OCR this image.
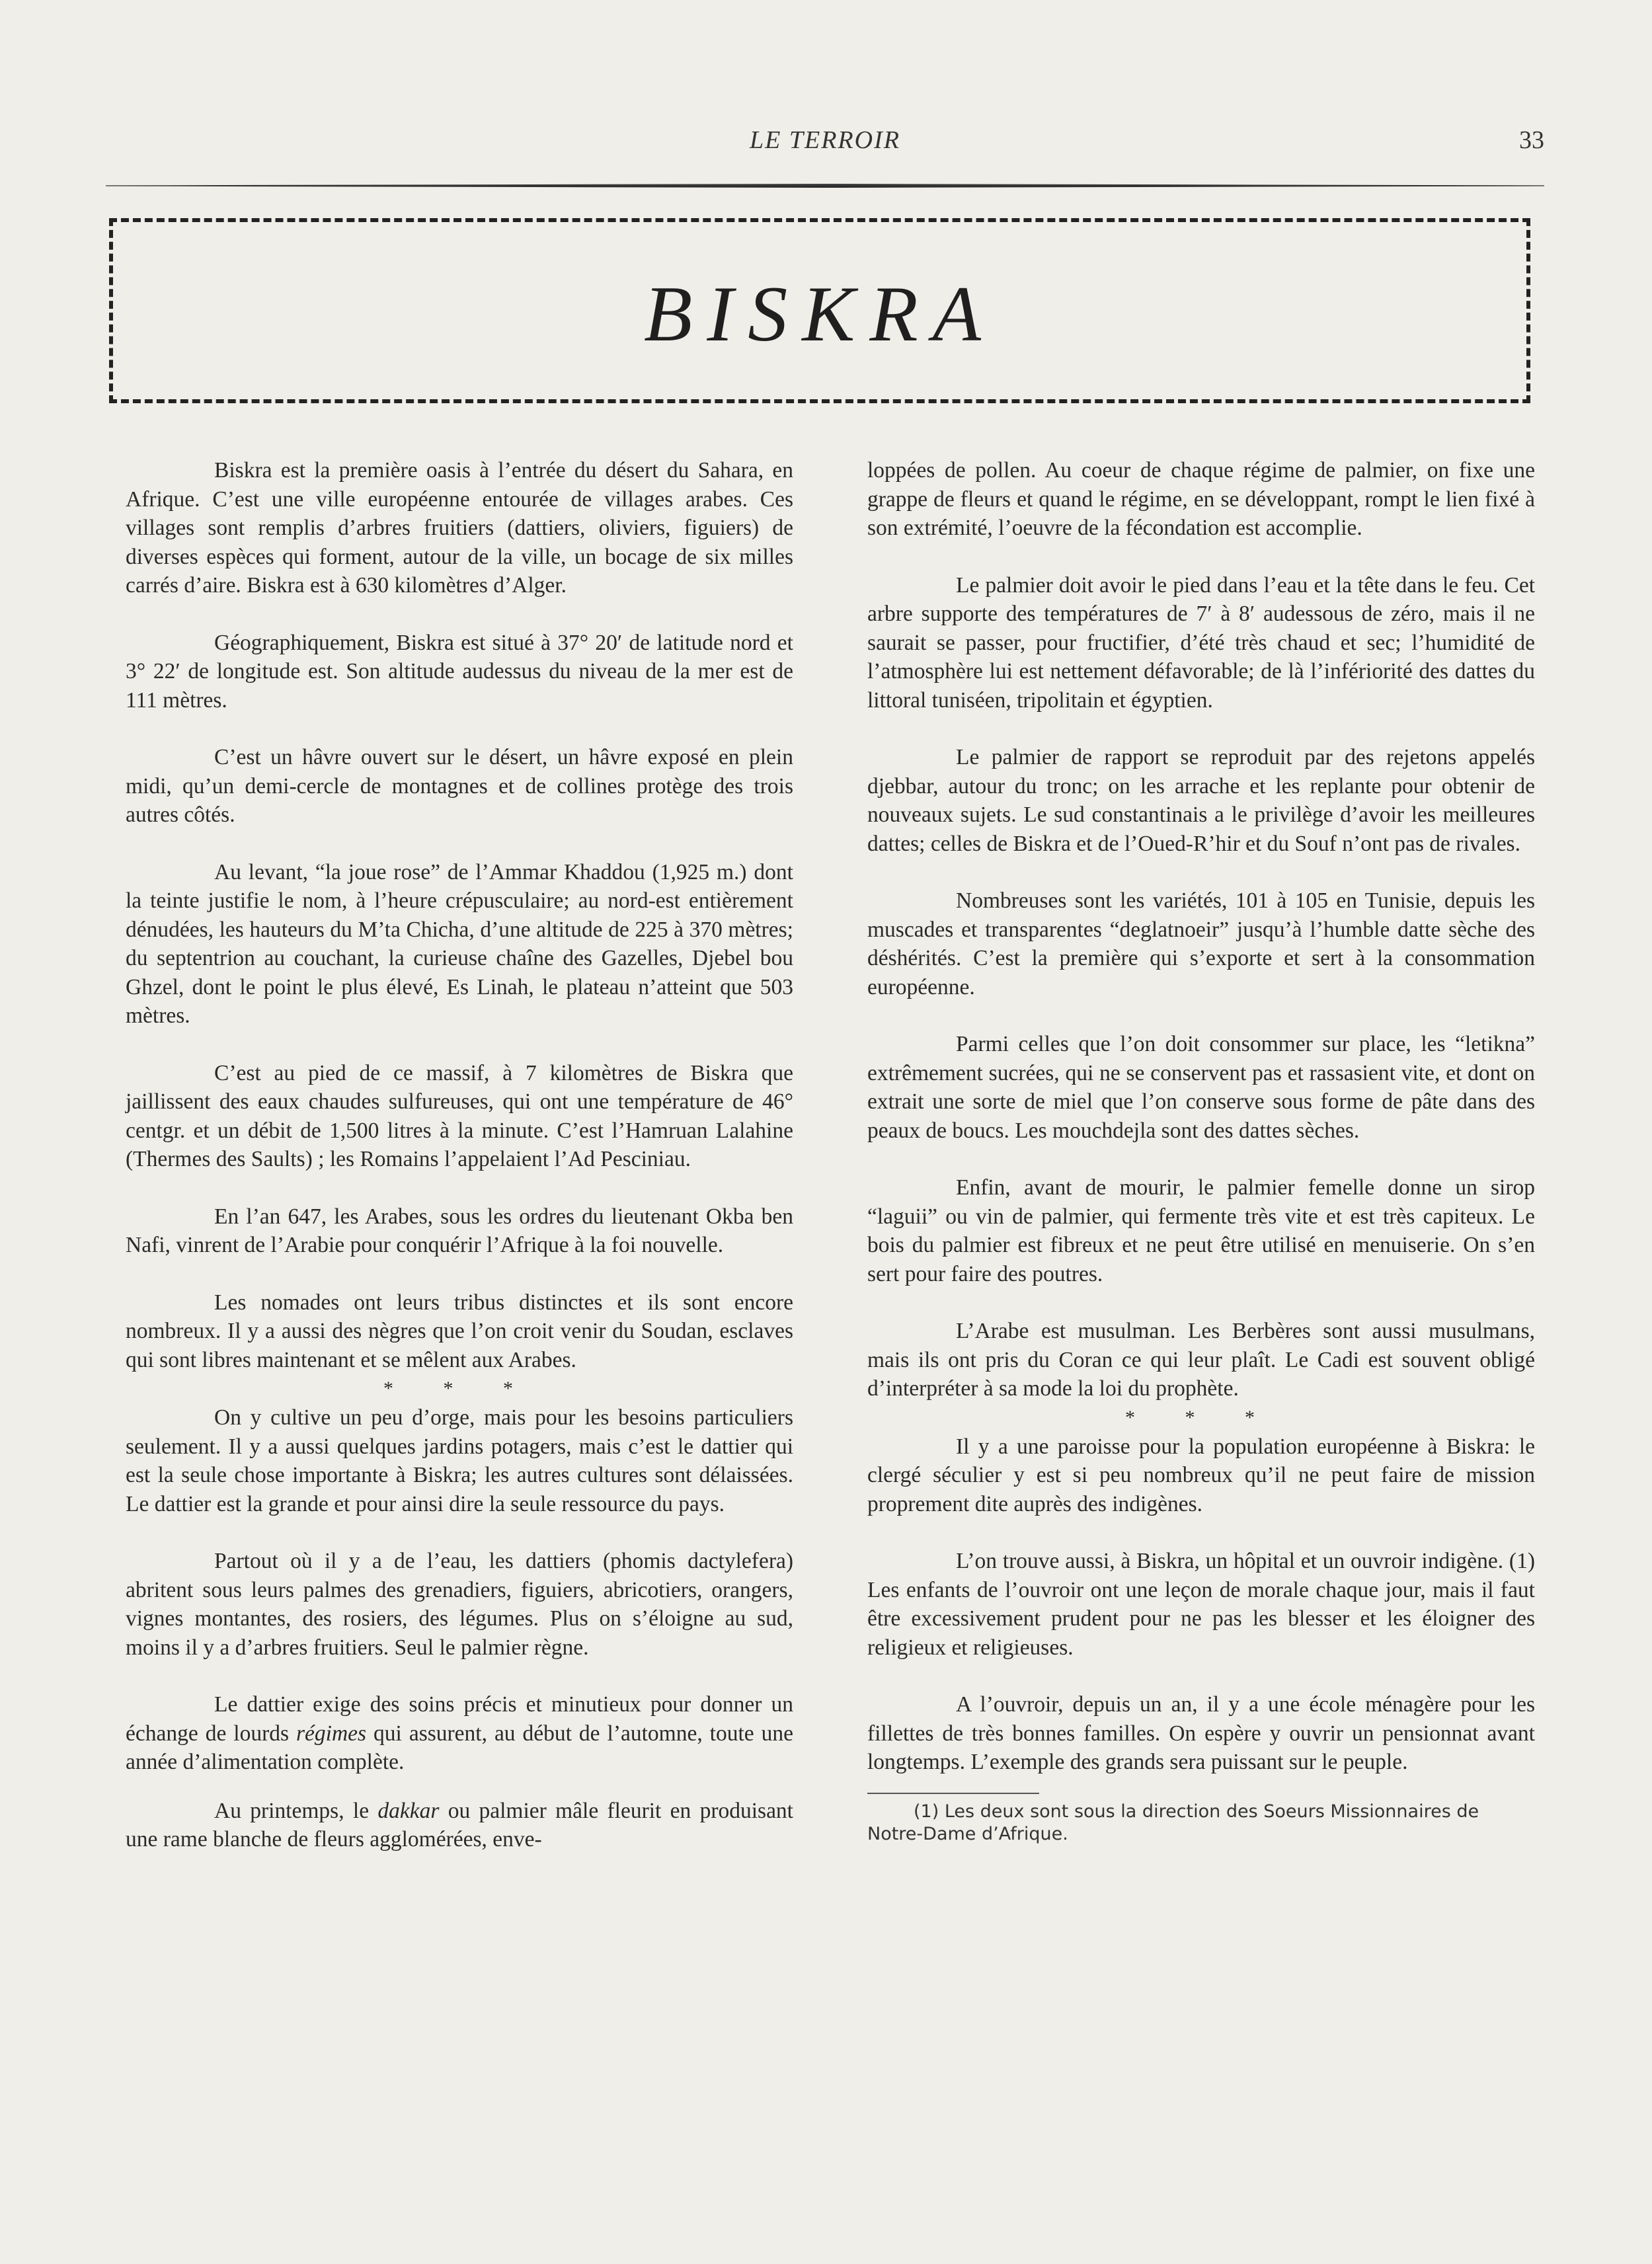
LE TERROIR	33
BISKRA

Biskra est la première oasis à l’entrée du désert du Sahara, en Afrique. C’est une ville européenne entourée de villages arabes. Ces villages sont remplis d’arbres fruitiers (dattiers, oliviers, figuiers) de diverses espèces qui forment, autour de la ville, un bocage de six milles carrés d’aire. Biskra est à 630 kilomètres d’Alger.

Géographiquement, Biskra est situé à 37° 20′ de latitude nord et 3° 22′ de longitude est. Son altitude audessus du niveau de la mer est de 111 mètres.

C’est un hâvre ouvert sur le désert, un hâvre exposé en plein midi, qu’un demi-cercle de montagnes et de collines protège des trois autres côtés.

Au levant, “la joue rose” de l’Ammar Khaddou (1,925 m.) dont la teinte justifie le nom, à l’heure crépusculaire; au nord-est entièrement dénudées, les hauteurs du M’ta Chicha, d’une altitude de 225 à 370 mètres; du septentrion au couchant, la curieuse chaîne des Gazelles, Djebel bou Ghzel, dont le point le plus élevé, Es Linah, le plateau n’atteint que 503 mètres.

C’est au pied de ce massif, à 7 kilomètres de Biskra que jaillissent des eaux chaudes sulfureuses, qui ont une température de 46° centgr. et un débit de 1,500 litres à la minute. C’est l’Hamruan Lalahine (Thermes des Saults) ; les Romains l’appelaient l’Ad Pesciniau.

En l’an 647, les Arabes, sous les ordres du lieutenant Okba ben Nafi, vinrent de l’Arabie pour conquérir l’Afrique à la foi nouvelle.

Les nomades ont leurs tribus distinctes et ils sont encore nombreux. Il y a aussi des nègres que l’on croit venir du Soudan, esclaves qui sont libres maintenant et se mêlent aux Arabes.

* * *

On y cultive un peu d’orge, mais pour les besoins particuliers seulement. Il y a aussi quelques jardins potagers, mais c’est le dattier qui est la seule chose importante à Biskra; les autres cultures sont délaissées. Le dattier est la grande et pour ainsi dire la seule ressource du pays.

Partout où il y a de l’eau, les dattiers (phomis dactylefera) abritent sous leurs palmes des grenadiers, figuiers, abricotiers, orangers, vignes montantes, des rosiers, des légumes. Plus on s’éloigne au sud, moins il y a d’arbres fruitiers. Seul le palmier règne.

Le dattier exige des soins précis et minutieux pour donner un échange de lourds régimes qui assurent, au début de l’automne, toute une année d’alimentation complète.

Au printemps, le dakkar ou palmier mâle fleurit en produisant une rame blanche de fleurs agglomérées, enve-

loppées de pollen. Au coeur de chaque régime de palmier, on fixe une grappe de fleurs et quand le régime, en se développant, rompt le lien fixé à son extrémité, l’oeuvre de la fécondation est accomplie.

Le palmier doit avoir le pied dans l’eau et la tête dans le feu. Cet arbre supporte des températures de 7′ à 8′ audessous de zéro, mais il ne saurait se passer, pour fructifier, d’été très chaud et sec; l’humidité de l’atmosphère lui est nettement défavorable; de là l’infériorité des dattes du littoral tuniséen, tripolitain et égyptien.

Le palmier de rapport se reproduit par des rejetons appelés djebbar, autour du tronc; on les arrache et les replante pour obtenir de nouveaux sujets. Le sud constantinais a le privilège d’avoir les meilleures dattes; celles de Biskra et de l’Oued-R’hir et du Souf n’ont pas de rivales.

Nombreuses sont les variétés, 101 à 105 en Tunisie, depuis les muscades et transparentes “deglatnoeir” jusqu’à l’humble datte sèche des déshérités. C’est la première qui s’exporte et sert à la consommation européenne.

Parmi celles que l’on doit consommer sur place, les “letikna” extrêmement sucrées, qui ne se conservent pas et rassasient vite, et dont on extrait une sorte de miel que l’on conserve sous forme de pâte dans des peaux de boucs. Les mouchdejla sont des dattes sèches.

Enfin, avant de mourir, le palmier femelle donne un sirop “laguii” ou vin de palmier, qui fermente très vite et est très capiteux. Le bois du palmier est fibreux et ne peut être utilisé en menuiserie. On s’en sert pour faire des poutres.

L’Arabe est musulman. Les Berbères sont aussi musulmans, mais ils ont pris du Coran ce qui leur plaît. Le Cadi est souvent obligé d’interpréter à sa mode la loi du prophète.

* * *

Il y a une paroisse pour la population européenne à Biskra: le clergé séculier y est si peu nombreux qu’il ne peut faire de mission proprement dite auprès des indigènes.

L’on trouve aussi, à Biskra, un hôpital et un ouvroir indigène. (1) Les enfants de l’ouvroir ont une leçon de morale chaque jour, mais il faut être excessivement prudent pour ne pas les blesser et les éloigner des religieux et religieuses.

A l’ouvroir, depuis un an, il y a une école ménagère pour les fillettes de très bonnes familles. On espère y ouvrir un pensionnat avant longtemps. L’exemple des grands sera puissant sur le peuple.

(1) Les deux sont sous la direction des Soeurs Missionnaires de Notre-Dame d’Afrique.
